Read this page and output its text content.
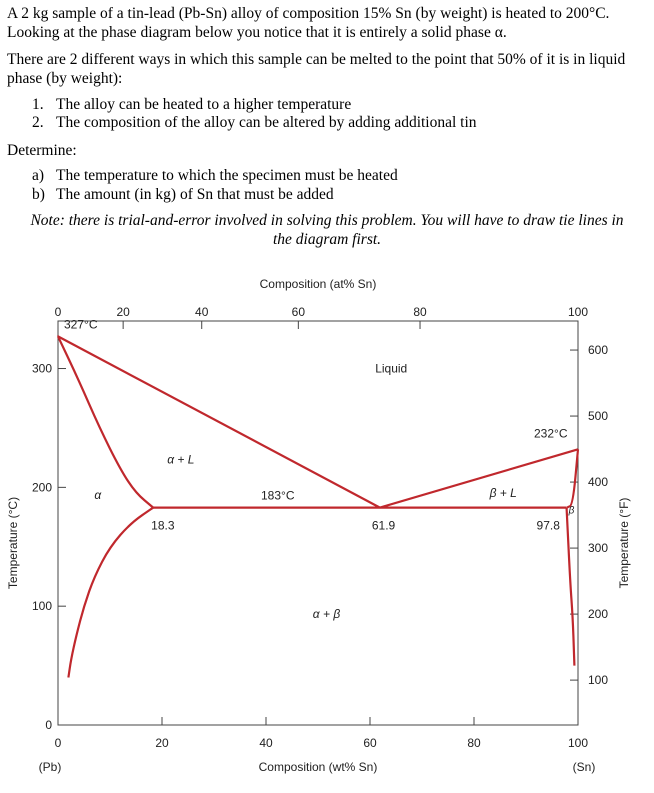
A 2 kg sample of a tin-lead (Pb-Sn) alloy of composition 15% Sn (by weight) is heated to 200°C. Looking at the phase diagram below you notice that it is entirely a solid phase α.

There are 2 different ways in which this sample can be melted to the point that 50% of it is in liquid phase (by weight):

1. The alloy can be heated to a higher temperature
2. The composition of the alloy can be altered by adding additional tin
Determine:
a) The temperature to which the specimen must be heated
b) The amount (in kg) of Sn that must be added
Note: there is trial-and-error involved in solving this problem. You will have to draw tie lines in
the diagram first.
0	20	40	60	80	100
0	20	40	60	80	100
0
100
200
300
100
200
300
400
500
600
Composition (at% Sn)
Composition (wt% Sn)
(Pb)	(Sn)
Temperature (°C)	Temperature (°F)
327°C
232°C
183°C
18.3	61.9	97.8
Liquid
α + L
α	β + L
β
α + β
